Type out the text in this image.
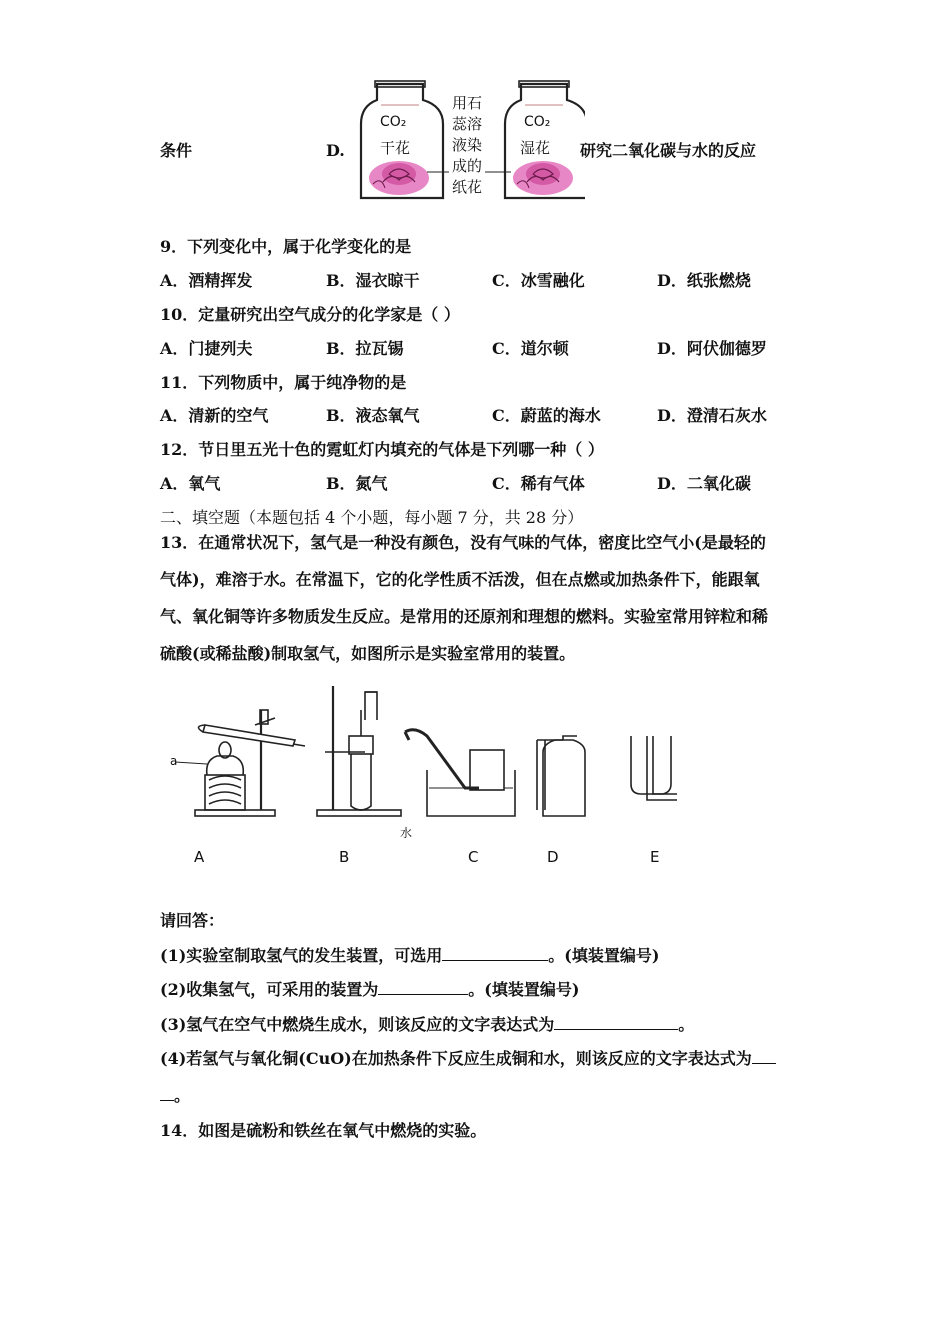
条件	D.
CO₂
干花
CO₂
湿花
用石
蕊溶
液染
成的
纸花
研究二氧化碳与水的反应
9．下列变化中，属于化学变化的是
A．酒精挥发	B．湿衣晾干	C．冰雪融化	D．纸张燃烧
10．定量研究出空气成分的化学家是（ ）
A．门捷列夫	B．拉瓦锡	C．道尔顿	D．阿伏伽德罗
11．下列物质中，属于纯净物的是
A．清新的空气	B．液态氧气	C．蔚蓝的海水	D．澄清石灰水
12．节日里五光十色的霓虹灯内填充的气体是下列哪一种（ ）
A．氧气	B．氮气	C．稀有气体	D．二氧化碳
二、填空题（本题包括 4 个小题，每小题 7 分，共 28 分）
13．在通常状况下，氢气是一种没有颜色，没有气味的气体，密度比空气小(是最轻的
气体)，难溶于水。在常温下，它的化学性质不活泼，但在点燃或加热条件下，能跟氧
气、氧化铜等许多物质发生反应。是常用的还原剂和理想的燃料。实验室常用锌粒和稀
硫酸(或稀盐酸)制取氢气，如图所示是实验室常用的装置。
a
水
A	B	C	D	E
请回答：
(1)实验室制取氢气的发生装置，可选用	。(填装置编号)
(2)收集氢气，可采用的装置为	。(填装置编号)
(3)氢气在空气中燃烧生成水，则该反应的文字表达式为	。
(4)若氢气与氧化铜(CuO)在加热条件下反应生成铜和水，则该反应的文字表达式为
。
14．如图是硫粉和铁丝在氧气中燃烧的实验。
